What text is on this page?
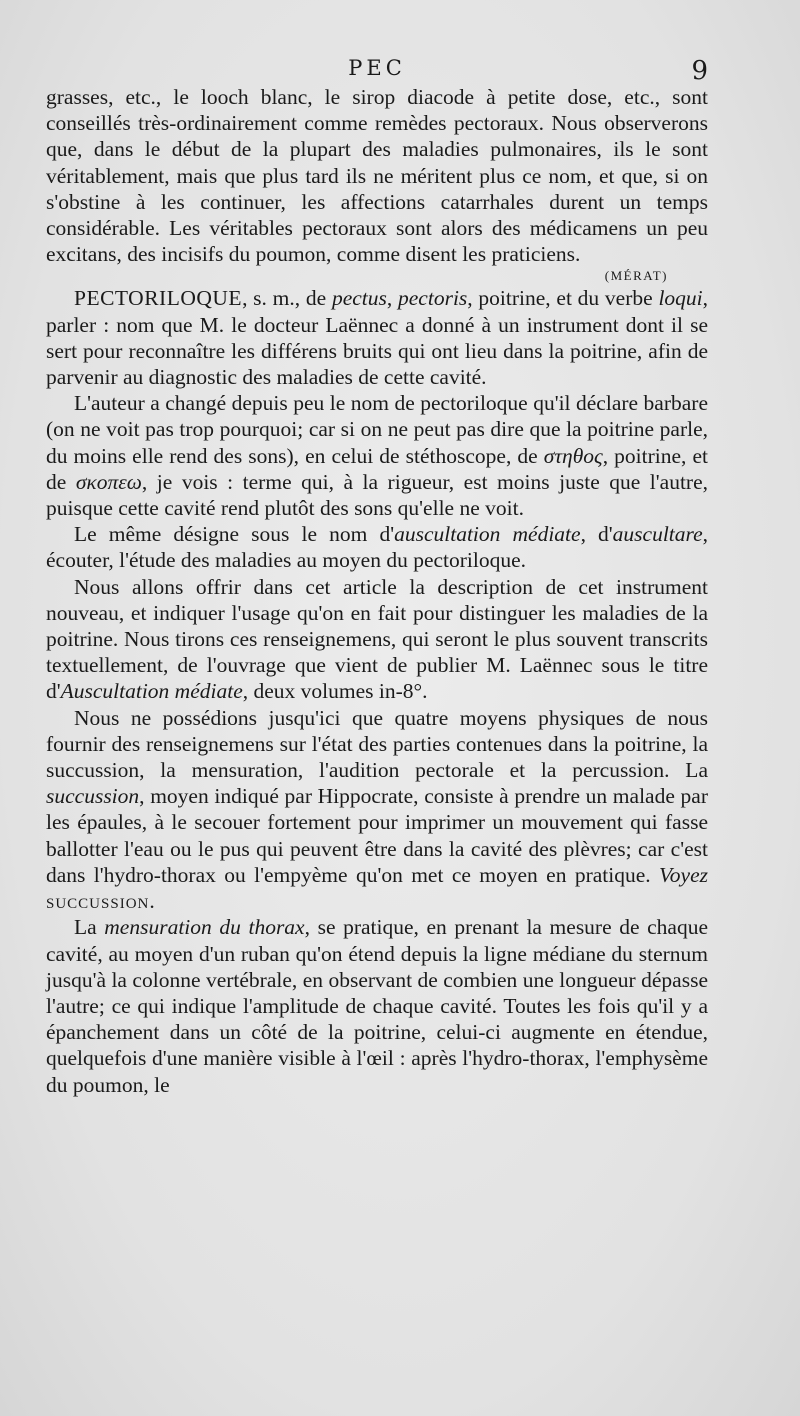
PEC	9

grasses, etc., le looch blanc, le sirop diacode à petite dose, etc., sont conseillés très-ordinairement comme remèdes pectoraux. Nous observerons que, dans le début de la plupart des maladies pulmonaires, ils le sont véritablement, mais que plus tard ils ne méritent plus ce nom, et que, si on s'obstine à les continuer, les affections catarrhales durent un temps considérable. Les véritables pectoraux sont alors des médicamens un peu excitans, des incisifs du poumon, comme disent les praticiens.

(MÉRAT)

PECTORILOQUE, s. m., de pectus, pectoris, poitrine, et du verbe loqui, parler : nom que M. le docteur Laënnec a donné à un instrument dont il se sert pour reconnaître les différens bruits qui ont lieu dans la poitrine, afin de parvenir au diagnostic des maladies de cette cavité.

L'auteur a changé depuis peu le nom de pectoriloque qu'il déclare barbare (on ne voit pas trop pourquoi; car si on ne peut pas dire que la poitrine parle, du moins elle rend des sons), en celui de stéthoscope, de στηθος, poitrine, et de σκοπεω, je vois : terme qui, à la rigueur, est moins juste que l'autre, puisque cette cavité rend plutôt des sons qu'elle ne voit.

Le même désigne sous le nom d'auscultation médiate, d'auscultare, écouter, l'étude des maladies au moyen du pectoriloque.

Nous allons offrir dans cet article la description de cet instrument nouveau, et indiquer l'usage qu'on en fait pour distinguer les maladies de la poitrine. Nous tirons ces renseignemens, qui seront le plus souvent transcrits textuellement, de l'ouvrage que vient de publier M. Laënnec sous le titre d'Auscultation médiate, deux volumes in-8°.

Nous ne possédions jusqu'ici que quatre moyens physiques de nous fournir des renseignemens sur l'état des parties contenues dans la poitrine, la succussion, la mensuration, l'audition pectorale et la percussion. La succussion, moyen indiqué par Hippocrate, consiste à prendre un malade par les épaules, à le secouer fortement pour imprimer un mouvement qui fasse ballotter l'eau ou le pus qui peuvent être dans la cavité des plèvres; car c'est dans l'hydro-thorax ou l'empyème qu'on met ce moyen en pratique. Voyez succussion.

La mensuration du thorax, se pratique, en prenant la mesure de chaque cavité, au moyen d'un ruban qu'on étend depuis la ligne médiane du sternum jusqu'à la colonne vertébrale, en observant de combien une longueur dépasse l'autre; ce qui indique l'amplitude de chaque cavité. Toutes les fois qu'il y a épanchement dans un côté de la poitrine, celui-ci augmente en étendue, quelquefois d'une manière visible à l'œil : après l'hydro-thorax, l'emphysème du poumon, le
